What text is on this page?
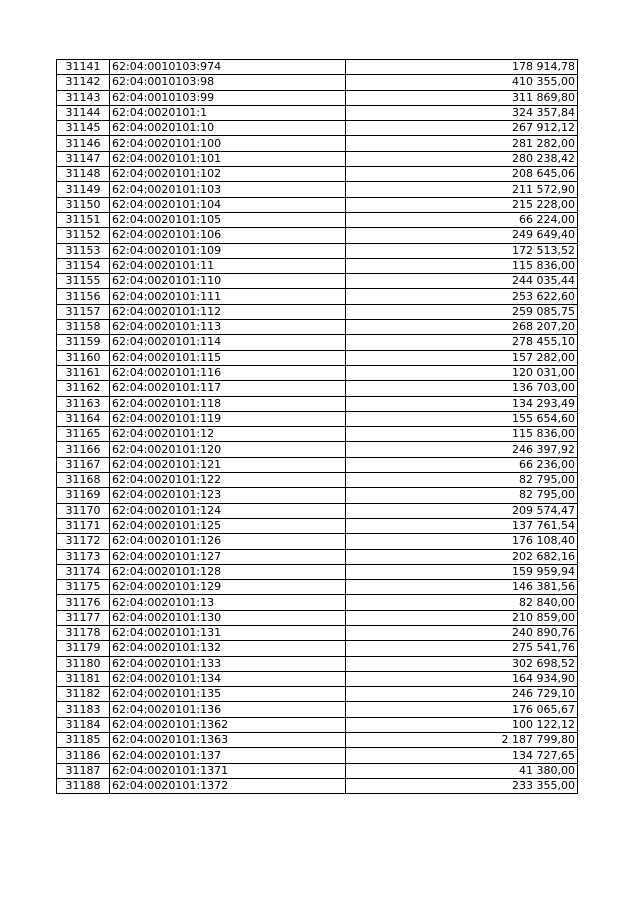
31141	62:04:0010103:974	178 914,78
31142	62:04:0010103:98	410 355,00
31143	62:04:0010103:99	311 869,80
31144	62:04:0020101:1	324 357,84
31145	62:04:0020101:10	267 912,12
31146	62:04:0020101:100	281 282,00
31147	62:04:0020101:101	280 238,42
31148	62:04:0020101:102	208 645,06
31149	62:04:0020101:103	211 572,90
31150	62:04:0020101:104	215 228,00
31151	62:04:0020101:105	66 224,00
31152	62:04:0020101:106	249 649,40
31153	62:04:0020101:109	172 513,52
31154	62:04:0020101:11	115 836,00
31155	62:04:0020101:110	244 035,44
31156	62:04:0020101:111	253 622,60
31157	62:04:0020101:112	259 085,75
31158	62:04:0020101:113	268 207,20
31159	62:04:0020101:114	278 455,10
31160	62:04:0020101:115	157 282,00
31161	62:04:0020101:116	120 031,00
31162	62:04:0020101:117	136 703,00
31163	62:04:0020101:118	134 293,49
31164	62:04:0020101:119	155 654,60
31165	62:04:0020101:12	115 836,00
31166	62:04:0020101:120	246 397,92
31167	62:04:0020101:121	66 236,00
31168	62:04:0020101:122	82 795,00
31169	62:04:0020101:123	82 795,00
31170	62:04:0020101:124	209 574,47
31171	62:04:0020101:125	137 761,54
31172	62:04:0020101:126	176 108,40
31173	62:04:0020101:127	202 682,16
31174	62:04:0020101:128	159 959,94
31175	62:04:0020101:129	146 381,56
31176	62:04:0020101:13	82 840,00
31177	62:04:0020101:130	210 859,00
31178	62:04:0020101:131	240 890,76
31179	62:04:0020101:132	275 541,76
31180	62:04:0020101:133	302 698,52
31181	62:04:0020101:134	164 934,90
31182	62:04:0020101:135	246 729,10
31183	62:04:0020101:136	176 065,67
31184	62:04:0020101:1362	100 122,12
31185	62:04:0020101:1363	2 187 799,80
31186	62:04:0020101:137	134 727,65
31187	62:04:0020101:1371	41 380,00
31188	62:04:0020101:1372	233 355,00
